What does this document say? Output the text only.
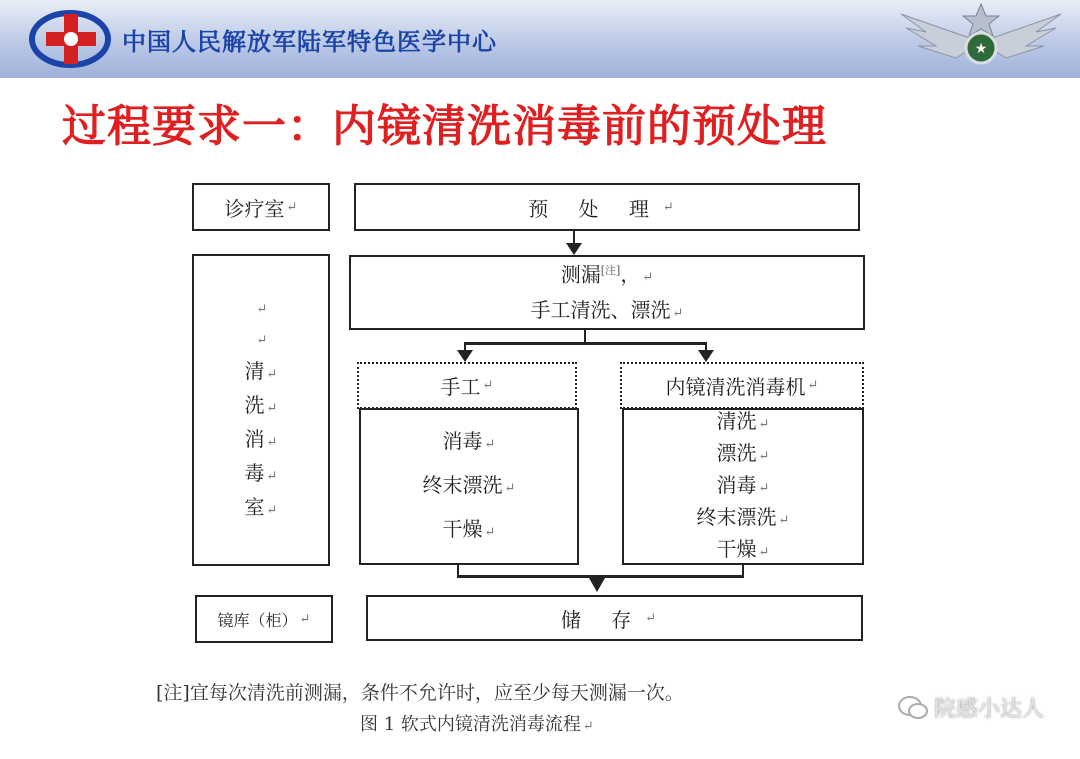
中国人民解放军陆军特色医学中心	★
过程要求一：内镜清洗消毒前的预处理
诊疗室 ↵
↵
↵
清 ↵
洗 ↵
消 ↵
毒 ↵
室 ↵
镜库（柜） ↵
预 处 理 ↵
测漏[注]， ↵
手工清洗、漂洗 ↵
手工 ↵
消毒 ↵
终末漂洗 ↵
干燥 ↵
内镜清洗消毒机 ↵
清洗 ↵
漂洗 ↵
消毒 ↵
终末漂洗 ↵
干燥 ↵
储 存 ↵
[注]宜每次清洗前测漏，条件不允许时，应至少每天测漏一次。
图 1 软式内镜清洗消毒流程 ↵
院感小达人
